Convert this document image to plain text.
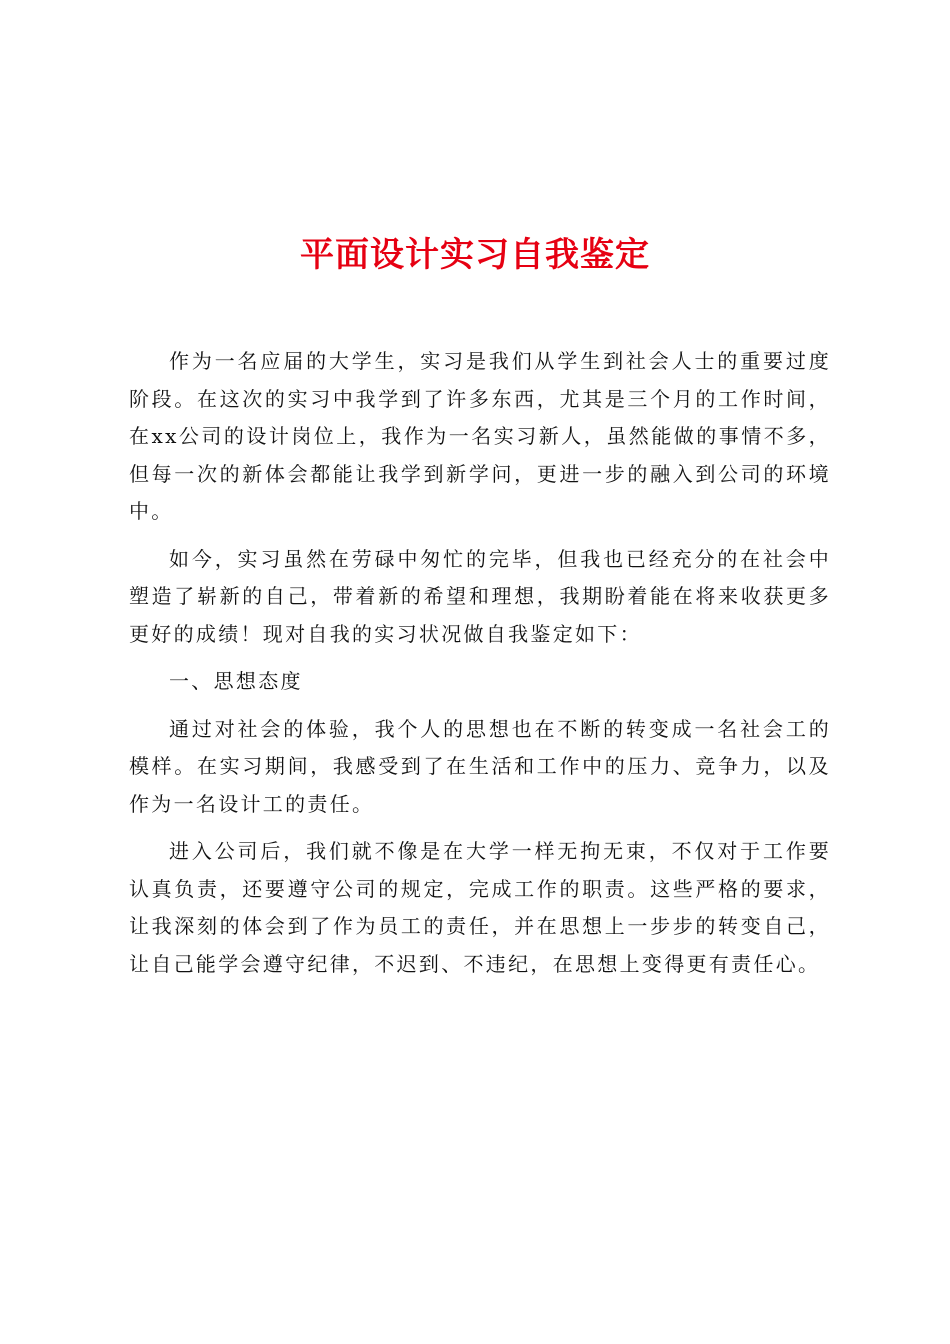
平面设计实习自我鉴定

作为一名应届的大学生，实习是我们从学生到社会人士的重要过度阶段。在这次的实习中我学到了许多东西，尤其是三个月的工作时间，在xx公司的设计岗位上，我作为一名实习新人，虽然能做的事情不多，但每一次的新体会都能让我学到新学问，更进一步的融入到公司的环境中。

如今，实习虽然在劳碌中匆忙的完毕，但我也已经充分的在社会中塑造了崭新的自己，带着新的希望和理想，我期盼着能在将来收获更多更好的成绩！现对自我的实习状况做自我鉴定如下：

一、思想态度

通过对社会的体验，我个人的思想也在不断的转变成一名社会工的模样。在实习期间，我感受到了在生活和工作中的压力、竞争力，以及作为一名设计工的责任。

进入公司后，我们就不像是在大学一样无拘无束，不仅对于工作要认真负责，还要遵守公司的规定，完成工作的职责。这些严格的要求，让我深刻的体会到了作为员工的责任，并在思想上一步步的转变自己，让自己能学会遵守纪律，不迟到、不违纪，在思想上变得更有责任心。
